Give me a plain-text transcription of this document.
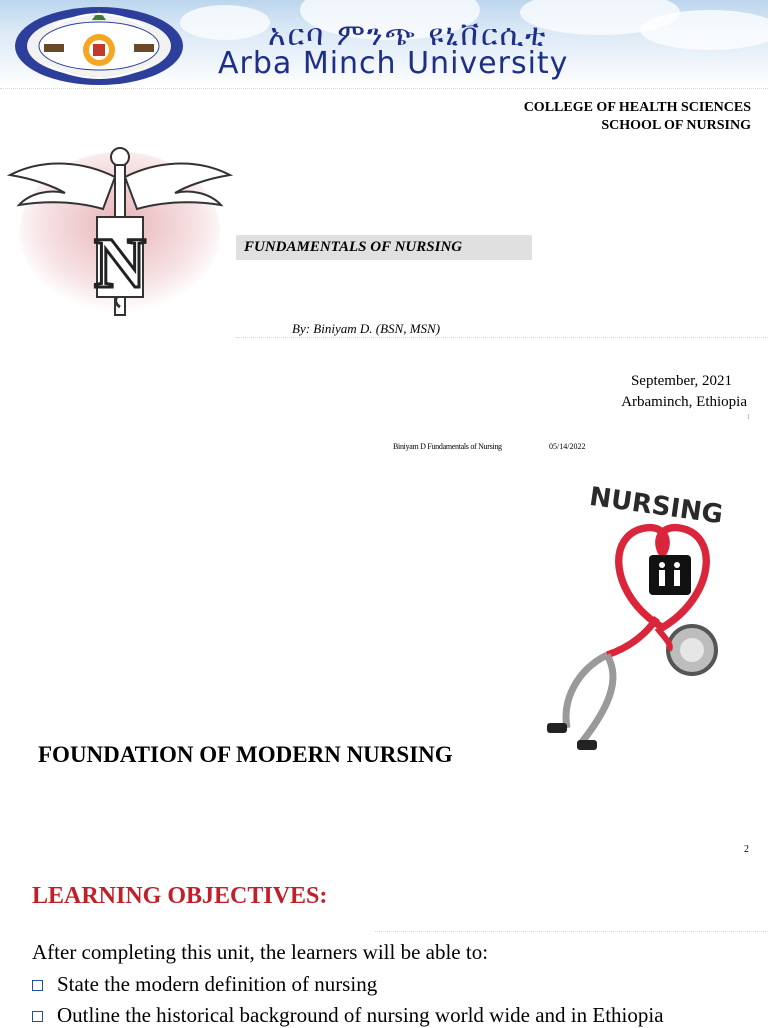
አርባ ምንጭ ዩኒቨርሲቲ
Arba Minch University
COLLEGE OF HEALTH SCIENCES
SCHOOL OF NURSING
N	FUNDAMENTALS OF NURSING
By: Biniyam D. (BSN, MSN)
September, 2021
Arbaminch, Ethiopia
1
Biniyam D Fundamentals of Nursing	05/14/2022
NURSING
FOUNDATION OF MODERN NURSING
2
LEARNING OBJECTIVES:
After completing this unit, the learners will be able to:
State the modern definition of nursing
Outline the historical background of nursing world wide and in Ethiopia
